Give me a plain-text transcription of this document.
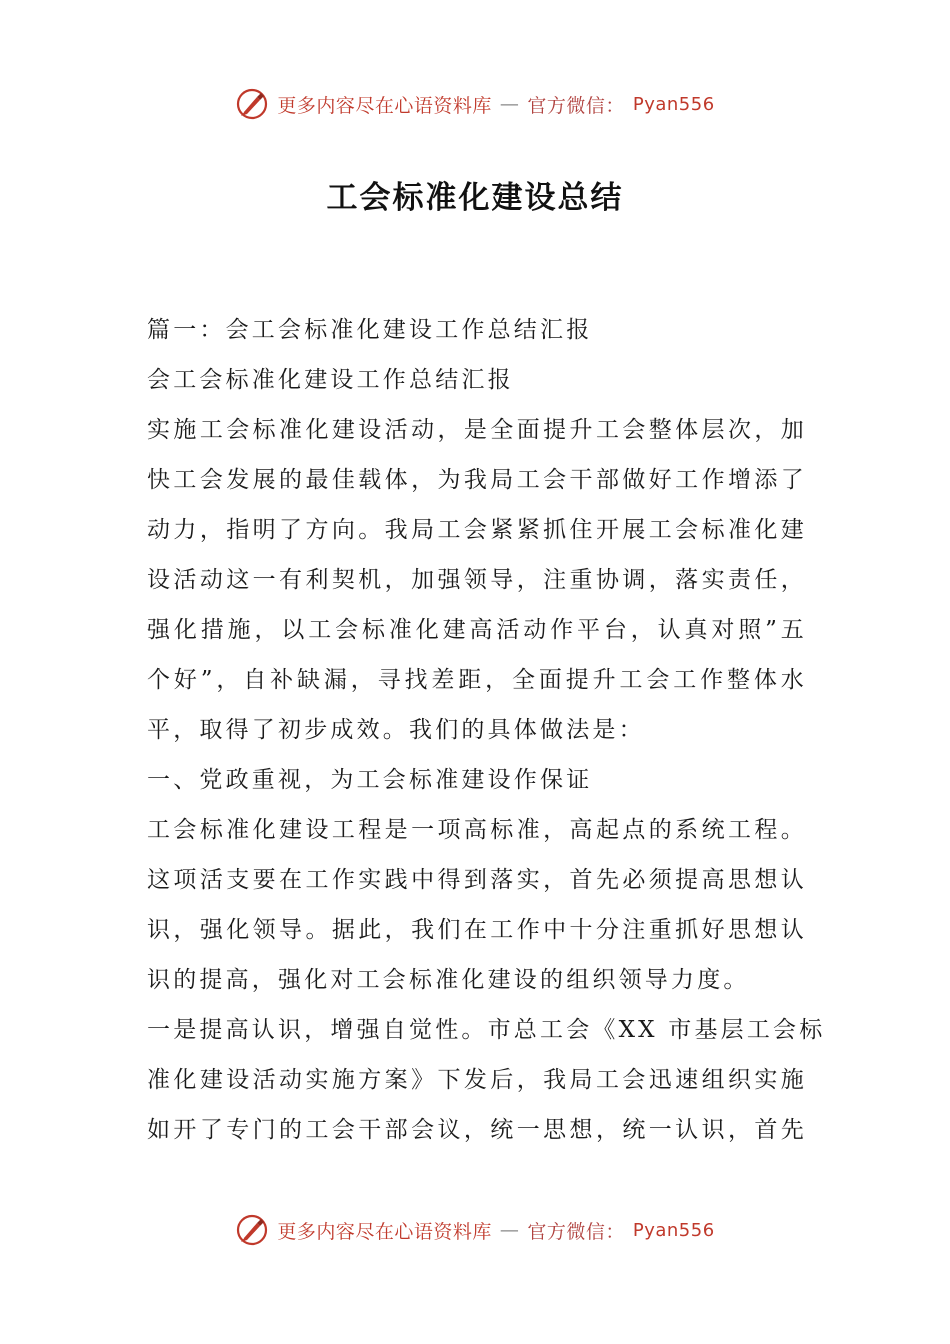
更多内容尽在心语资料库 — 官方微信： Pyan556
工会标准化建设总结
篇一：会工会标准化建设工作总结汇报
会工会标准化建设工作总结汇报
实施工会标准化建设活动，是全面提升工会整体层次，加
快工会发展的最佳载体，为我局工会干部做好工作增添了
动力，指明了方向。我局工会紧紧抓住开展工会标准化建
设活动这一有利契机，加强领导，注重协调，落实责任，
强化措施，以工会标准化建高活动作平台，认真对照”五
个好”，自补缺漏，寻找差距，全面提升工会工作整体水
平，取得了初步成效。我们的具体做法是：
一、党政重视，为工会标准建设作保证
工会标准化建设工程是一项高标准，高起点的系统工程。
这项活支要在工作实践中得到落实，首先必须提高思想认
识，强化领导。据此，我们在工作中十分注重抓好思想认
识的提高，强化对工会标准化建设的组织领导力度。
一是提高认识，增强自觉性。市总工会《XX 市基层工会标
准化建设活动实施方案》下发后，我局工会迅速组织实施
如开了专门的工会干部会议，统一思想，统一认识，首先
更多内容尽在心语资料库 — 官方微信： Pyan556
